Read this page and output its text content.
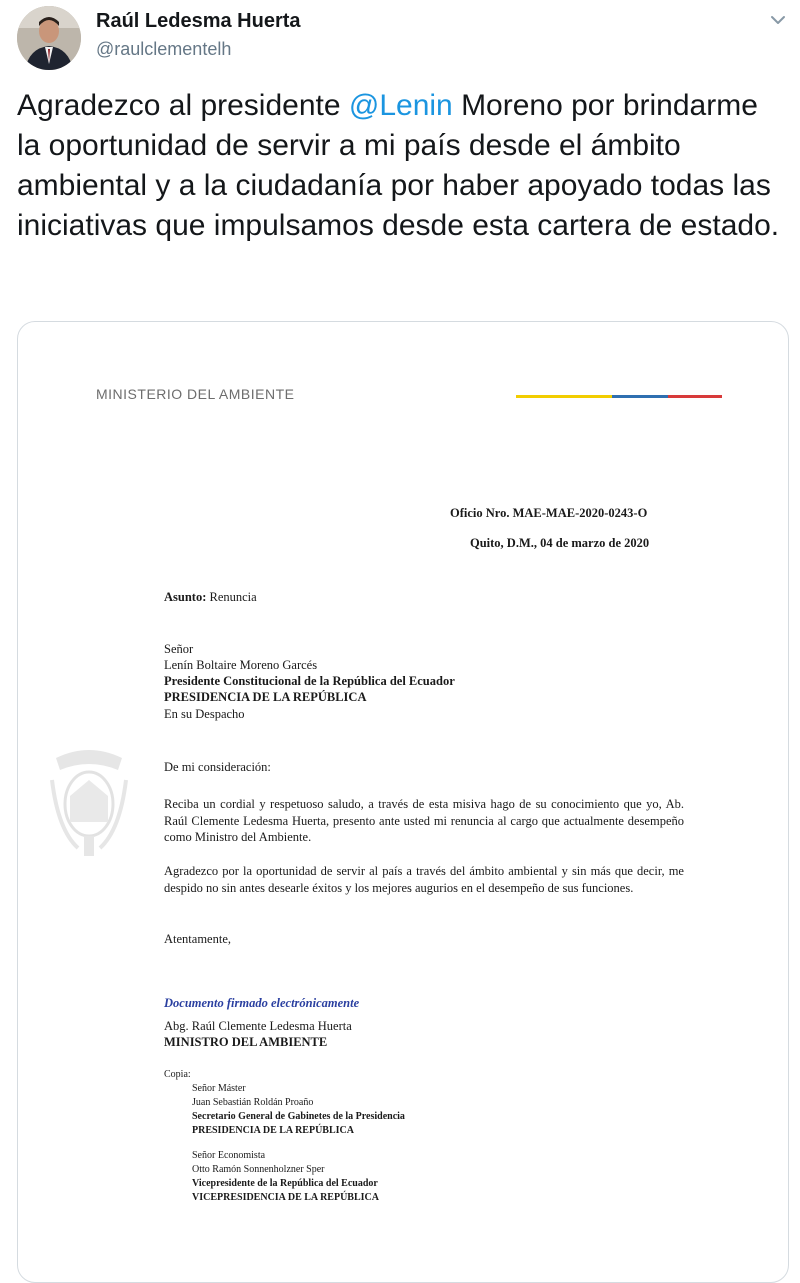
Raúl Ledesma Huerta
@raulclementelh
Agradezco al presidente @Lenin Moreno por brindarme la oportunidad de servir a mi país desde el ámbito ambiental y a la ciudadanía por haber apoyado todas las iniciativas que impulsamos desde esta cartera de estado.
MINISTERIO DEL AMBIENTE
Oficio Nro. MAE-MAE-2020-0243-O
Quito, D.M., 04 de marzo de 2020
Asunto: Renuncia
Señor
Lenín Boltaire Moreno Garcés
Presidente Constitucional de la República del Ecuador
PRESIDENCIA DE LA REPÚBLICA
En su Despacho
De mi consideración:
Reciba un cordial y respetuoso saludo, a través de esta misiva hago de su conocimiento que yo, Ab. Raúl Clemente Ledesma Huerta, presento ante usted mi renuncia al cargo que actualmente desempeño como Ministro del Ambiente.
Agradezco por la oportunidad de servir al país a través del ámbito ambiental y sin más que decir, me despido no sin antes desearle éxitos y los mejores augurios en el desempeño de sus funciones.
Atentamente,
Documento firmado electrónicamente
Abg. Raúl Clemente Ledesma Huerta
MINISTRO DEL AMBIENTE
Copia:
Señor Máster
Juan Sebastián Roldán Proaño
Secretario General de Gabinetes de la Presidencia
PRESIDENCIA DE LA REPÚBLICA
Señor Economista
Otto Ramón Sonnenholzner Sper
Vicepresidente de la República del Ecuador
VICEPRESIDENCIA DE LA REPÚBLICA
